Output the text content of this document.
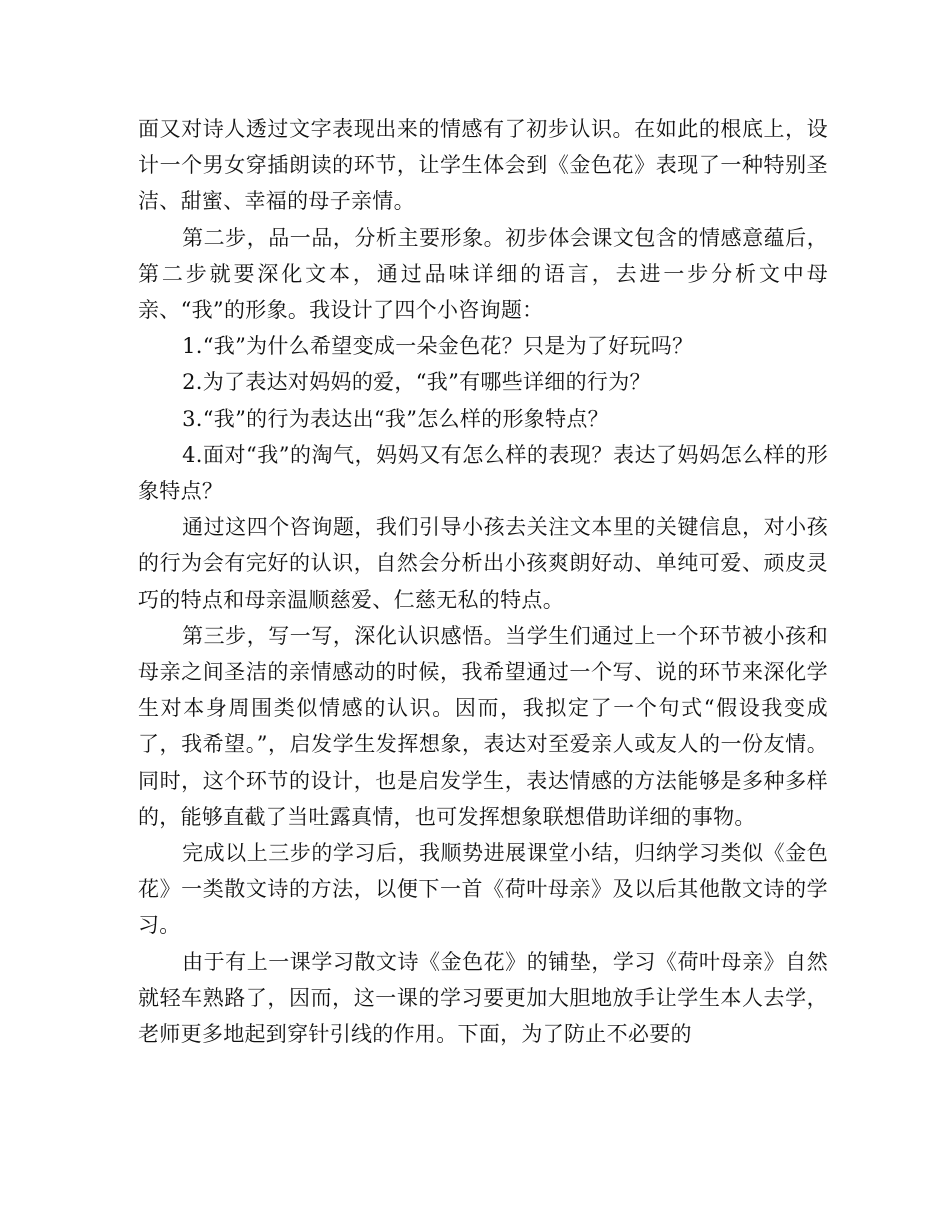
面又对诗人透过文字表现出来的情感有了初步认识。在如此的根底上，设计一个男女穿插朗读的环节，让学生体会到《金色花》表现了一种特别圣洁、甜蜜、幸福的母子亲情。

第二步，品一品，分析主要形象。初步体会课文包含的情感意蕴后，第二步就要深化文本，通过品味详细的语言，去进一步分析文中母亲、“我”的形象。我设计了四个小咨询题：

1.“我”为什么希望变成一朵金色花？只是为了好玩吗？

2.为了表达对妈妈的爱，“我”有哪些详细的行为？

3.“我”的行为表达出“我”怎么样的形象特点？

4.面对“我”的淘气，妈妈又有怎么样的表现？表达了妈妈怎么样的形象特点？

通过这四个咨询题，我们引导小孩去关注文本里的关键信息，对小孩的行为会有完好的认识，自然会分析出小孩爽朗好动、单纯可爱、顽皮灵巧的特点和母亲温顺慈爱、仁慈无私的特点。

第三步，写一写，深化认识感悟。当学生们通过上一个环节被小孩和母亲之间圣洁的亲情感动的时候，我希望通过一个写、说的环节来深化学生对本身周围类似情感的认识。因而，我拟定了一个句式“假设我变成了，我希望。”，启发学生发挥想象，表达对至爱亲人或友人的一份友情。同时，这个环节的设计，也是启发学生，表达情感的方法能够是多种多样的，能够直截了当吐露真情，也可发挥想象联想借助详细的事物。

完成以上三步的学习后，我顺势进展课堂小结，归纳学习类似《金色花》一类散文诗的方法，以便下一首《荷叶母亲》及以后其他散文诗的学习。

由于有上一课学习散文诗《金色花》的铺垫，学习《荷叶母亲》自然就轻车熟路了，因而，这一课的学习要更加大胆地放手让学生本人去学，老师更多地起到穿针引线的作用。下面，为了防止不必要的
